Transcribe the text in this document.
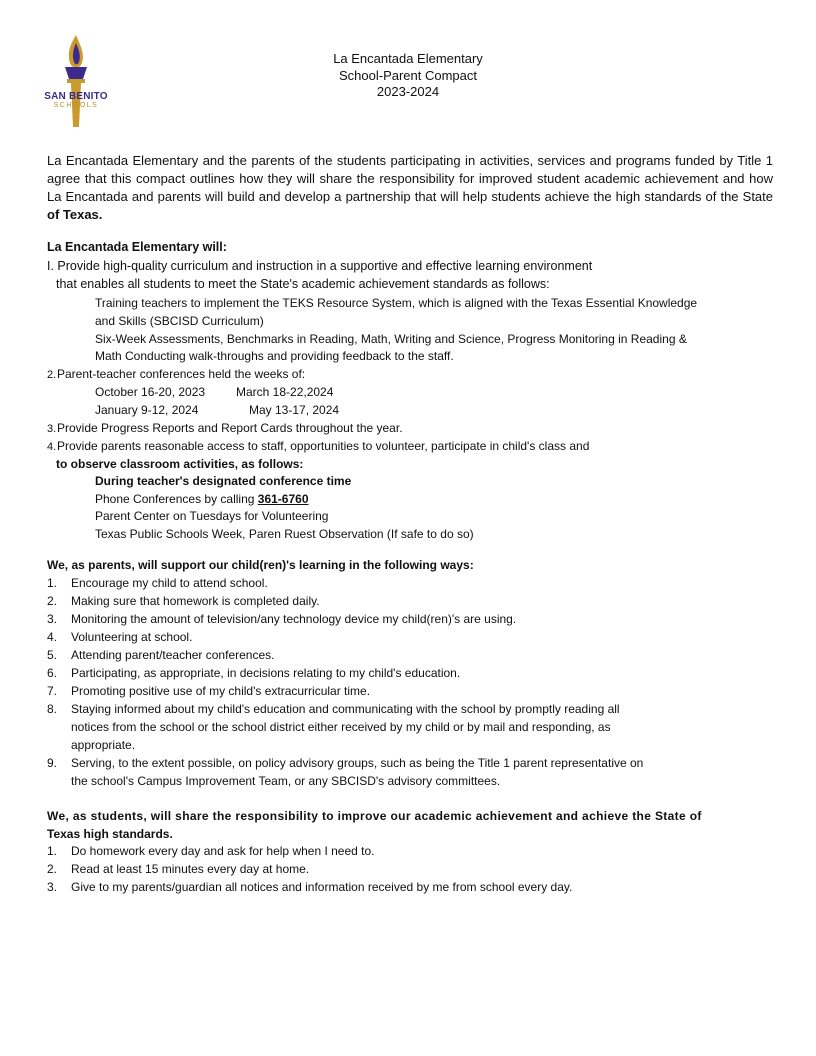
SAN BENITO
SCHOOLS
La Encantada Elementary
School-Parent Compact
2023-2024
La Encantada Elementary and the parents of the students participating in activities, services and programs funded by Title 1 agree that this compact outlines how they will share the responsibility for improved student academic achievement and how La Encantada and parents will build and develop a partnership that will help students achieve the high standards of the State of Texas.
La Encantada Elementary will:
I. Provide high-quality curriculum and instruction in a supportive and effective learning environment
that enables all students to meet the State's academic achievement standards as follows:
Training teachers to implement the TEKS Resource System, which is aligned with the Texas Essential Knowledge
and Skills (SBCISD Curriculum)
Six-Week Assessments, Benchmarks in Reading, Math, Writing and Science, Progress Monitoring in Reading &
Math Conducting walk-throughs and providing feedback to the staff.
2. Parent-teacher conferences held the weeks of:
October 16-20, 2023	March 18-22,2024
January 9-12, 2024	May 13-17, 2024
3. Provide Progress Reports and Report Cards throughout the year.
4. Provide parents reasonable access to staff, opportunities to volunteer, participate in child's class and
to observe classroom activities, as follows:
During teacher's designated conference time
Phone Conferences by calling 361-6760
Parent Center on Tuesdays for Volunteering
Texas Public Schools Week, Paren Ruest Observation (If safe to do so)
We, as parents, will support our child(ren)'s learning in the following ways:
1. Encourage my child to attend school.
2. Making sure that homework is completed daily.
3. Monitoring the amount of television/any technology device my child(ren)'s are using.
4. Volunteering at school.
5. Attending parent/teacher conferences.
6. Participating, as appropriate, in decisions relating to my child's education.
7. Promoting positive use of my child's extracurricular time.
8. Staying informed about my child's education and communicating with the school by promptly reading all
notices from the school or the school district either received by my child or by mail and responding, as
appropriate.
9. Serving, to the extent possible, on policy advisory groups, such as being the Title 1 parent representative on
the school's Campus Improvement Team, or any SBCISD's advisory committees.
We, as students, will share the responsibility to improve our academic achievement and achieve the State of
Texas high standards.
1. Do homework every day and ask for help when I need to.
2. Read at least 15 minutes every day at home.
3. Give to my parents/guardian all notices and information received by me from school every day.
